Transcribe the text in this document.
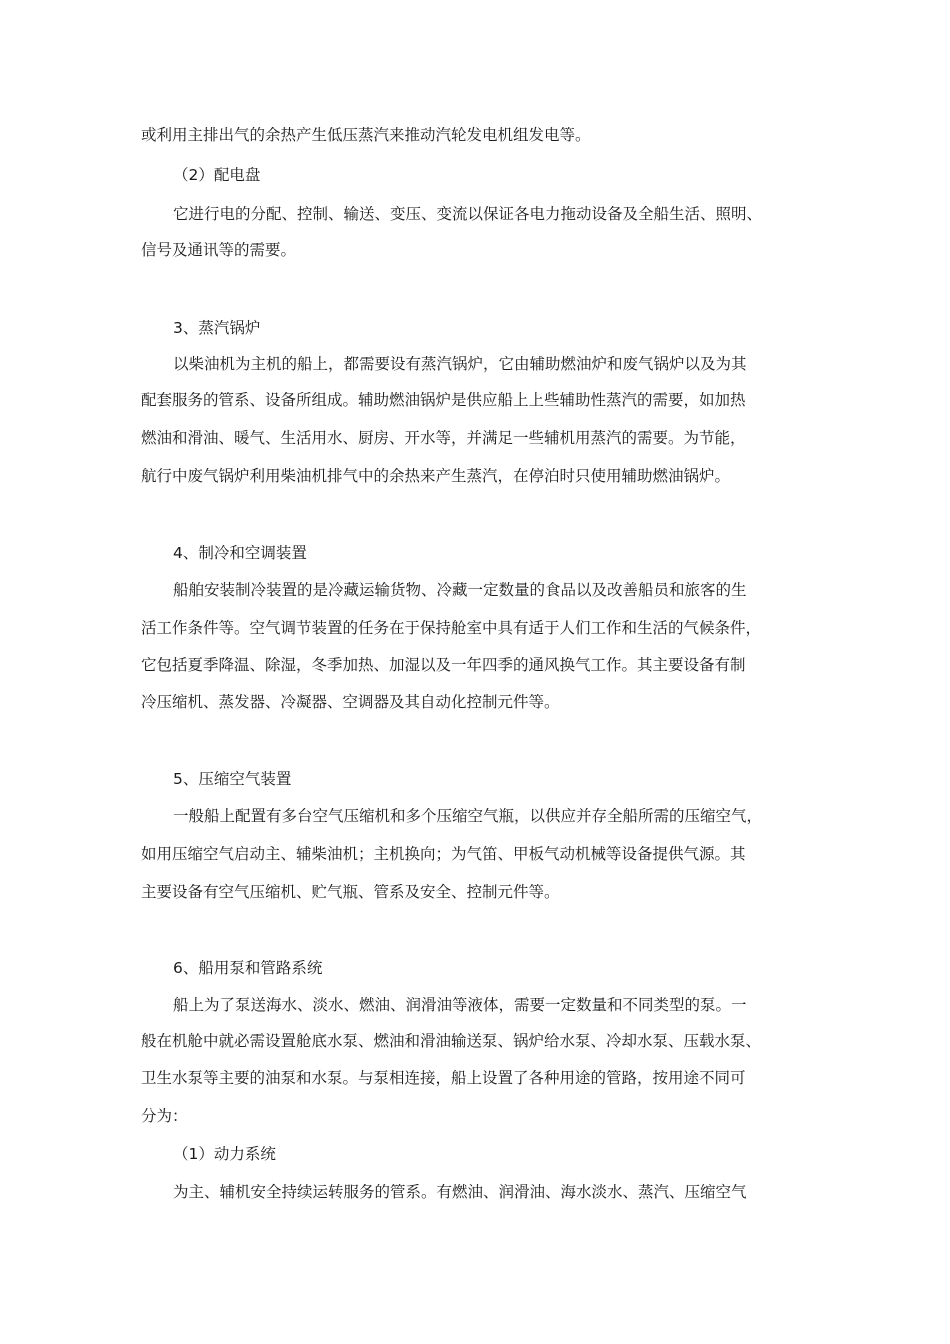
或利用主排出气的余热产生低压蒸汽来推动汽轮发电机组发电等。
（2）配电盘
它进行电的分配、控制、输送、变压、变流以保证各电力拖动设备及全船生活、照明、
信号及通讯等的需要。
3、蒸汽锅炉
以柴油机为主机的船上，都需要设有蒸汽锅炉，它由辅助燃油炉和废气锅炉以及为其
配套服务的管系、设备所组成。辅助燃油锅炉是供应船上上些辅助性蒸汽的需要，如加热
燃油和滑油、暖气、生活用水、厨房、开水等，并满足一些辅机用蒸汽的需要。为节能，
航行中废气锅炉利用柴油机排气中的余热来产生蒸汽，在停泊时只使用辅助燃油锅炉。
4、制冷和空调装置
船舶安装制冷装置的是冷藏运输货物、冷藏一定数量的食品以及改善船员和旅客的生
活工作条件等。空气调节装置的任务在于保持舱室中具有适于人们工作和生活的气候条件，
它包括夏季降温、除湿，冬季加热、加湿以及一年四季的通风换气工作。其主要设备有制
冷压缩机、蒸发器、冷凝器、空调器及其自动化控制元件等。
5、压缩空气装置
一般船上配置有多台空气压缩机和多个压缩空气瓶，以供应并存全船所需的压缩空气，
如用压缩空气启动主、辅柴油机；主机换向；为气笛、甲板气动机械等设备提供气源。其
主要设备有空气压缩机、贮气瓶、管系及安全、控制元件等。
6、船用泵和管路系统
船上为了泵送海水、淡水、燃油、润滑油等液体，需要一定数量和不同类型的泵。一
般在机舱中就必需设置舱底水泵、燃油和滑油输送泵、锅炉给水泵、冷却水泵、压载水泵、
卫生水泵等主要的油泵和水泵。与泵相连接，船上设置了各种用途的管路，按用途不同可
分为：
（1）动力系统
为主、辅机安全持续运转服务的管系。有燃油、润滑油、海水淡水、蒸汽、压缩空气
